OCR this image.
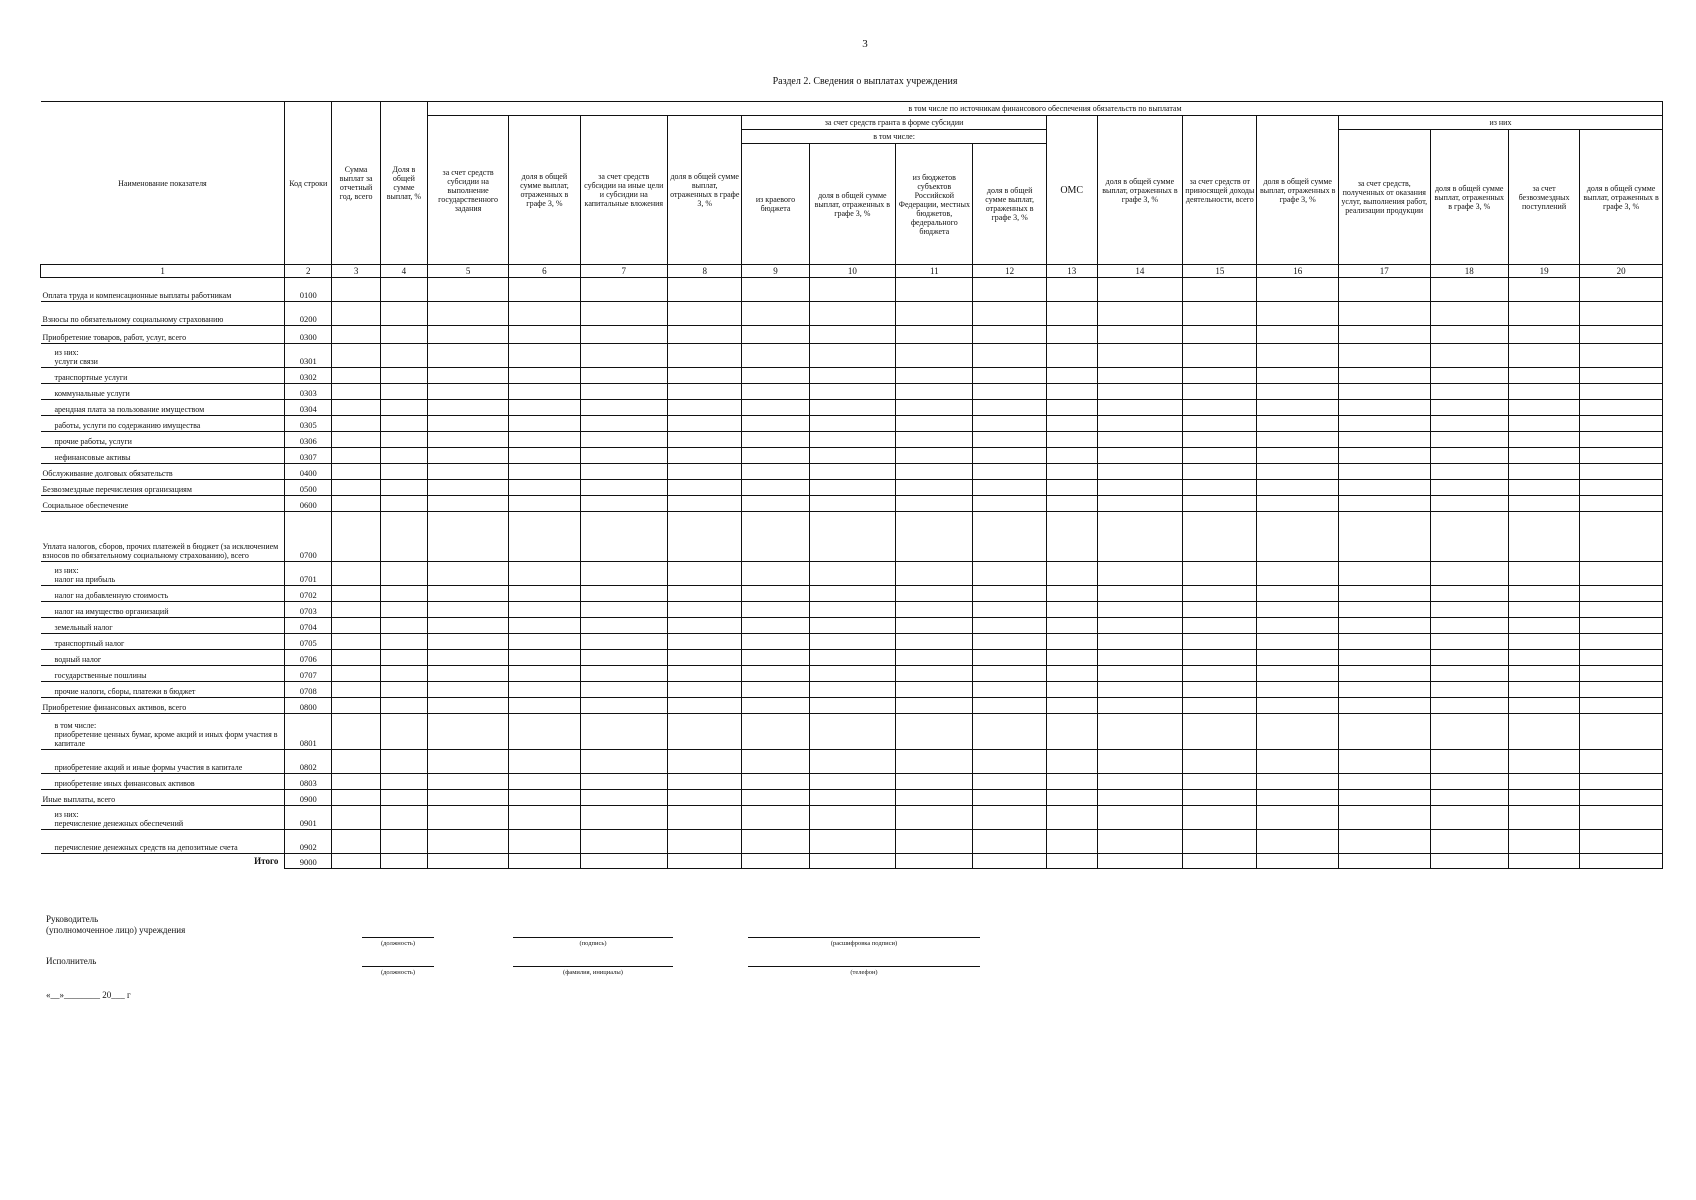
3
Раздел 2. Сведения о выплатах учреждения
Наименование показателя	Код строки	Сумма выплат за отчетный год, всего	Доля в общей сумме выплат, %	в том числе по источникам финансового обеспечения обязательств по выплатам															
				за счет средств субсидии на выполнение государственного задания	доля в общей сумме выплат, отраженных в графе 3, %	за счет средств субсидии на иные цели и субсидии на капитальные вложения	доля в общей сумме выплат, отраженных в графе 3, %	за счет средств гранта в форме субсидии				ОМС	доля в общей сумме выплат, отраженных в графе 3, %	за счет средств от приносящей доходы деятельности, всего	доля в общей сумме выплат, отраженных в графе 3, %	из них			
								в том числе:								за счет средств, полученных от оказания услуг, выполнения работ, реализации продукции	доля в общей сумме выплат, отраженных в графе 3, %	за счет безвозмездных поступлений	доля в общей сумме выплат, отраженных в графе 3, %
								из краевого бюджета	доля в общей сумме выплат, отраженных в графе 3, %	из бюджетов субъектов Российской Федерации, местных бюджетов, федерального бюджета	доля в общей сумме выплат, отраженных в графе 3, %								
1	2	3	4	5	6	7	8	9	10	11	12	13	14	15	16	17	18	19	20
Оплата труда и компенсационные выплаты работникам	0100																		
Взносы по обязательному социальному страхованию	0200																		
Приобретение товаров, работ, услуг, всего	0300																		
из них:
услуги связи	0301																		
транспортные услуги	0302																		
коммунальные услуги	0303																		
арендная плата за пользование имуществом	0304																		
работы, услуги по содержанию имущества	0305																		
прочие работы, услуги	0306																		
нефинансовые активы	0307																		
Обслуживание долговых обязательств	0400																		
Безвозмездные перечисления организациям	0500																		
Социальное обеспечение	0600																		
Уплата налогов, сборов, прочих платежей в бюджет (за исключением взносов по обязательному социальному страхованию), всего	0700																		
из них:
налог на прибыль	0701																		
налог на добавленную стоимость	0702																		
налог на имущество организаций	0703																		
земельный налог	0704																		
транспортный налог	0705																		
водный налог	0706																		
государственные пошлины	0707																		
прочие налоги, сборы, платежи в бюджет	0708																		
Приобретение финансовых активов, всего	0800																		
в том числе:
приобретение ценных бумаг, кроме акций и иных форм участия в капитале	0801																		
приобретение акций и иные формы участия в капитале	0802																		
приобретение иных финансовых активов	0803																		
Иные выплаты, всего	0900																		
из них:
перечисление денежных обеспечений	0901																		
перечисление денежных средств на депозитные счета	0902																		
Итого	9000																		
Руководитель
(уполномоченное лицо) учреждения
(должность)	(подпись)	(расшифровка подписи)
Исполнитель
(должность)	(фамилия, инициалы)	(телефон)
«__»________ 20___ г
